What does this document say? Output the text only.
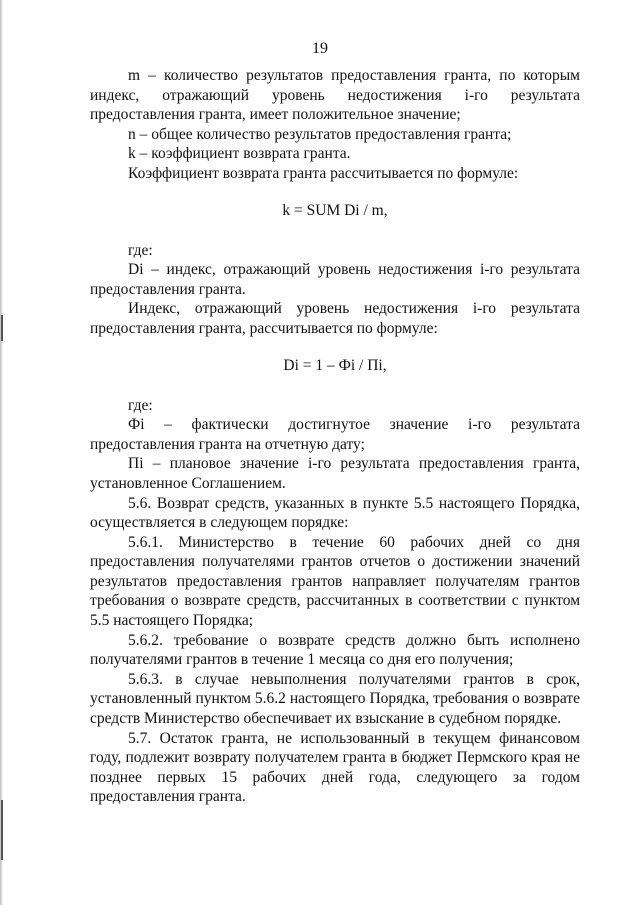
19

m – количество результатов предоставления гранта, по которым индекс, отражающий уровень недостижения i-го результата предоставления гранта, имеет положительное значение;

n – общее количество результатов предоставления гранта;

k – коэффициент возврата гранта.

Коэффициент возврата гранта рассчитывается по формуле:

k = SUM Di / m,

где:

Di – индекс, отражающий уровень недостижения i-го результата предоставления гранта.

Индекс, отражающий уровень недостижения i-го результата предоставления гранта, рассчитывается по формуле:

Di = 1 – Фi / Пi,

где:

Фi – фактически достигнутое значение i-го результата предоставления гранта на отчетную дату;

Пi – плановое значение i-го результата предоставления гранта, установленное Соглашением.

5.6. Возврат средств, указанных в пункте 5.5 настоящего Порядка, осуществляется в следующем порядке:

5.6.1. Министерство в течение 60 рабочих дней со дня предоставления получателями грантов отчетов о достижении значений результатов предоставления грантов направляет получателям грантов требования о возврате средств, рассчитанных в соответствии с пунктом 5.5 настоящего Порядка;

5.6.2. требование о возврате средств должно быть исполнено получателями грантов в течение 1 месяца со дня его получения;

5.6.3. в случае невыполнения получателями грантов в срок, установленный пунктом 5.6.2 настоящего Порядка, требования о возврате средств Министерство обеспечивает их взыскание в судебном порядке.

5.7. Остаток гранта, не использованный в текущем финансовом году, подлежит возврату получателем гранта в бюджет Пермского края не позднее первых 15 рабочих дней года, следующего за годом предоставления гранта.
